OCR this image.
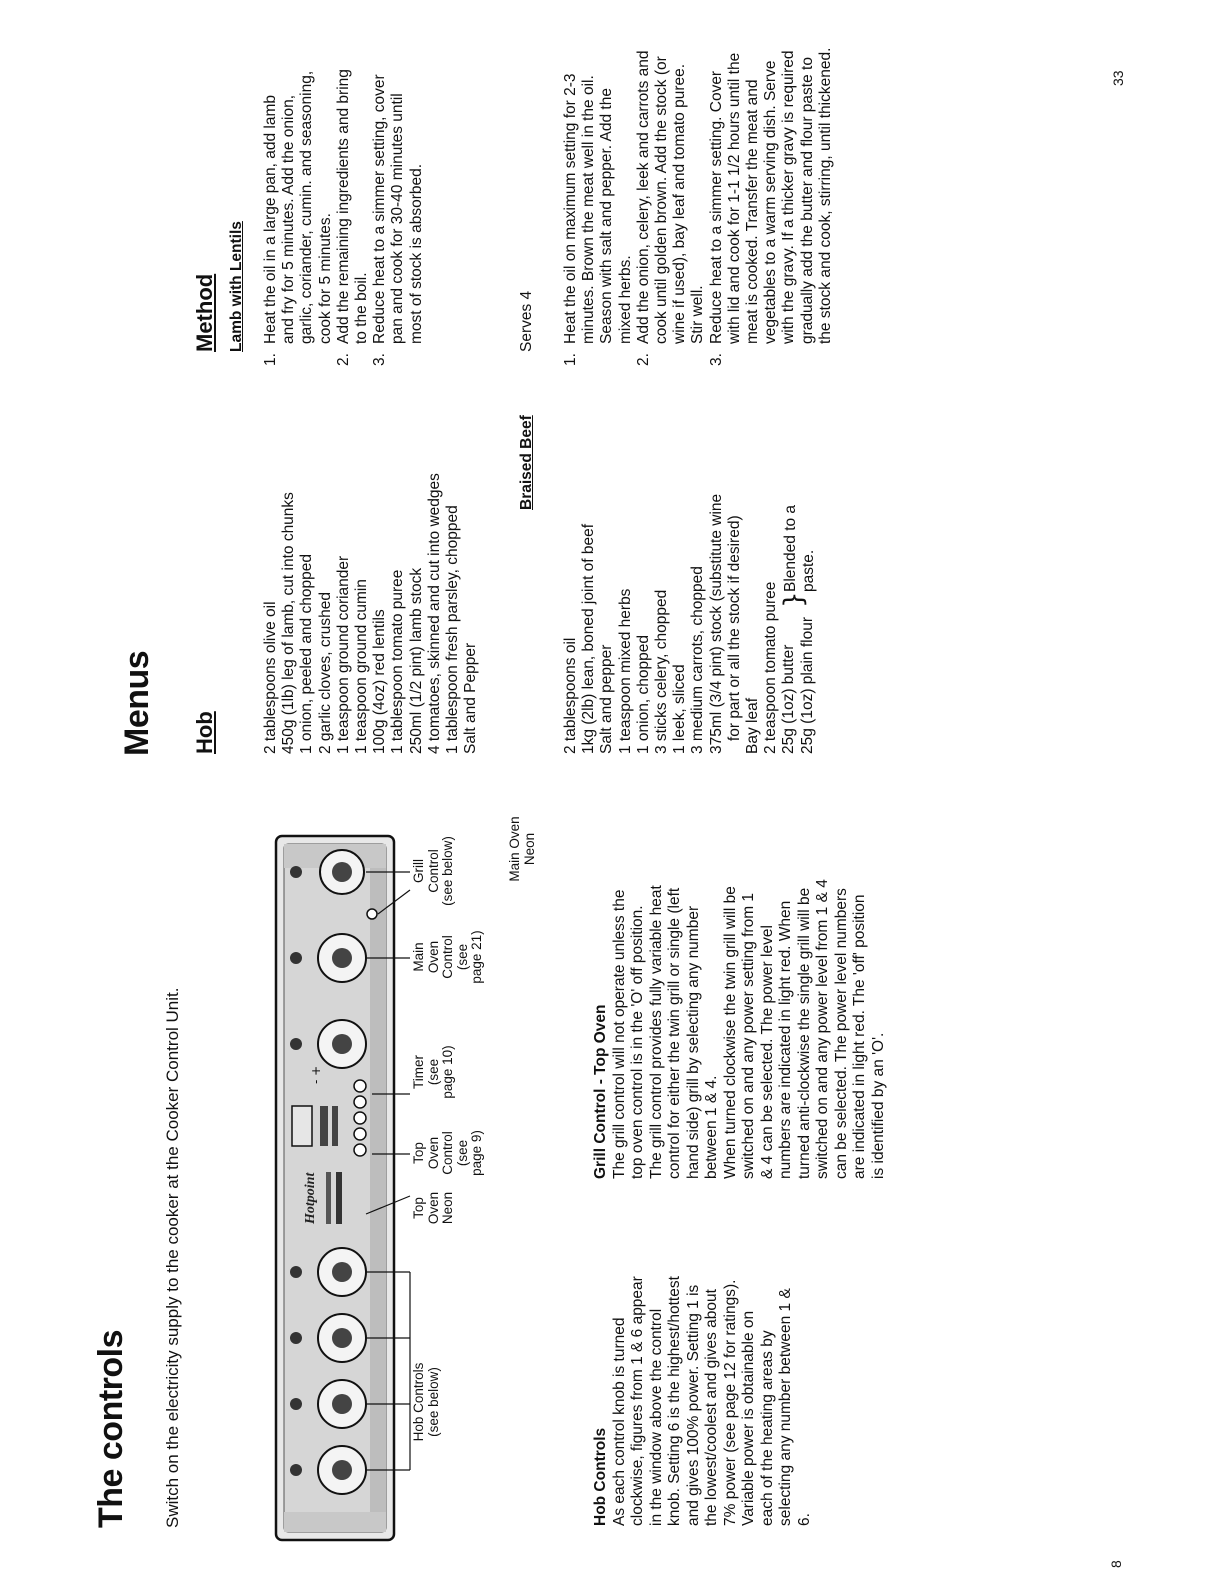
8
The controls Switch on the electricity supply to the cooker at the Cooker Control Unit.	Hotpoint
- +
Hob Controls
(see below)
Top
Oven
Neon
Top
Oven
Control
(see
page 9)
Timer
(see
page 10)
Main
Oven
Control
(see
page 21)
Grill
Control
(see below)	Main Oven
Neon
Hob Controls As each control knob is turned clockwise, figures from 1 & 6 appear in the window above the control knob. Setting 6 is the highest/hottest and gives 100% power. Setting 1 is the lowest/coolest and gives about 7% power (see page 12 for ratings). Variable power is obtainable on each of the heating areas by selecting any number between 1 & 6.
Grill Control - Top Oven The grill control will not operate unless the top oven control is in the 'O' off position. The grill control provides fully variable heat control for either the twin grill or single (left hand side) grill by selecting any number between 1 & 4. When turned clockwise the twin grill will be switched on and any power setting from 1 & 4 can be selected. The power level numbers are indicated in light red. When turned anti-clockwise the single grill will be switched on and any power level from 1 & 4 can be selected. The power level numbers are indicated in light red. The 'off' position is identified by an 'O'.
33
Menus Hob
Method Lamb with Lentils
2 tablespoons olive oil 450g (1lb) leg of lamb, cut into chunks 1 onion, peeled and chopped 2 garlic cloves, crushed 1 teaspoon ground coriander 1 teaspoon ground cumin 100g (4oz) red lentils 1 tablespoon tomato puree 250ml (1/2 pint) lamb stock 4 tomatoes, skinned and cut into wedges 1 tablespoon fresh parsley, chopped Salt and Pepper
1.
Heat the oil in a large pan, add lamb and fry for 5 minutes. Add the onion, garlic, coriander, cumin. and seasoning, cook for 5 minutes.
2.
Add the remaining ingredients and bring to the boil.
3.
Reduce heat to a simmer setting, cover pan and cook for 30-40 minutes until most of stock is absorbed.
Braised Beef
Serves 4
2 tablespoons oil 1kg (2lb) lean, boned joint of beef Salt and pepper 1 teaspoon mixed herbs 1 onion, chopped 3 sticks celery, chopped 1 leek, sliced 3 medium carrots, chopped 375ml (3/4 pint) stock (substitute wine for part or all the stock if desired) Bay leaf 2 teaspoon tomato puree 25g (1oz) butter 25g (1oz) plain flour
}
Blended to a paste.
1.
Heat the oil on maximum setting for 2-3 minutes. Brown the meat well in the oil. Season with salt and pepper. Add the mixed herbs.
2.
Add the onion, celery, leek and carrots and cook until golden brown. Add the stock (or wine if used), bay leaf and tomato puree. Stir well.
3.
Reduce heat to a simmer setting. Cover with lid and cook for 1-1 1/2 hours until the meat is cooked. Transfer the meat and vegetables to a warm serving dish. Serve with the gravy. If a thicker gravy is required gradually add the butter and flour paste to the stock and cook, stirring, until thickened.
